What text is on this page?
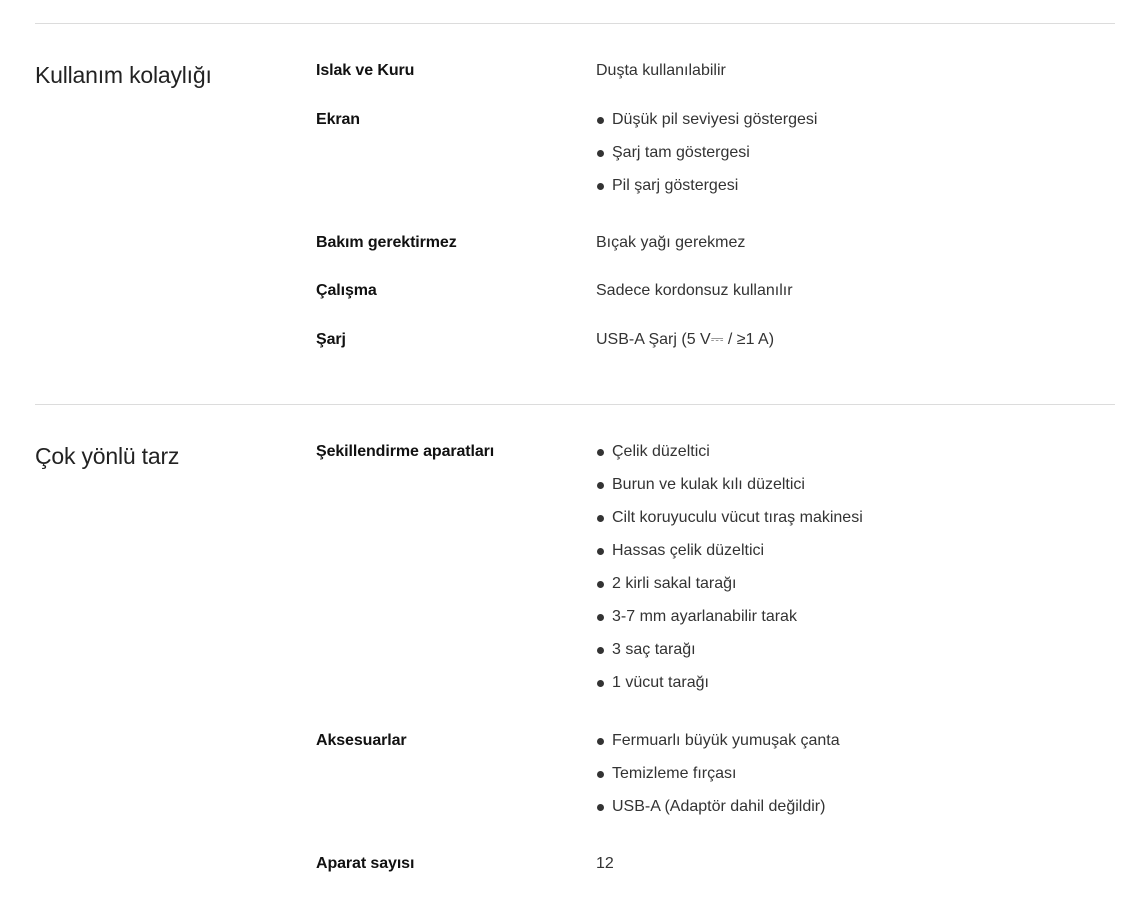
Kullanım kolaylığı	Islak ve Kuru	Duşta kullanılabilir
Ekran	Düşük pil seviyesi göstergesi
Şarj tam göstergesi
Pil şarj göstergesi
Bakım gerektirmez	Bıçak yağı gerekmez
Çalışma	Sadece kordonsuz kullanılır
Şarj	USB-A Şarj (5 V⎓ / ≥1 A)
Çok yönlü tarz	Şekillendirme aparatları	Çelik düzeltici
Burun ve kulak kılı düzeltici
Cilt koruyuculu vücut tıraş makinesi
Hassas çelik düzeltici
2 kirli sakal tarağı
3-7 mm ayarlanabilir tarak
3 saç tarağı
1 vücut tarağı
Aksesuarlar	Fermuarlı büyük yumuşak çanta
Temizleme fırçası
USB-A (Adaptör dahil değildir)
Aparat sayısı	12
